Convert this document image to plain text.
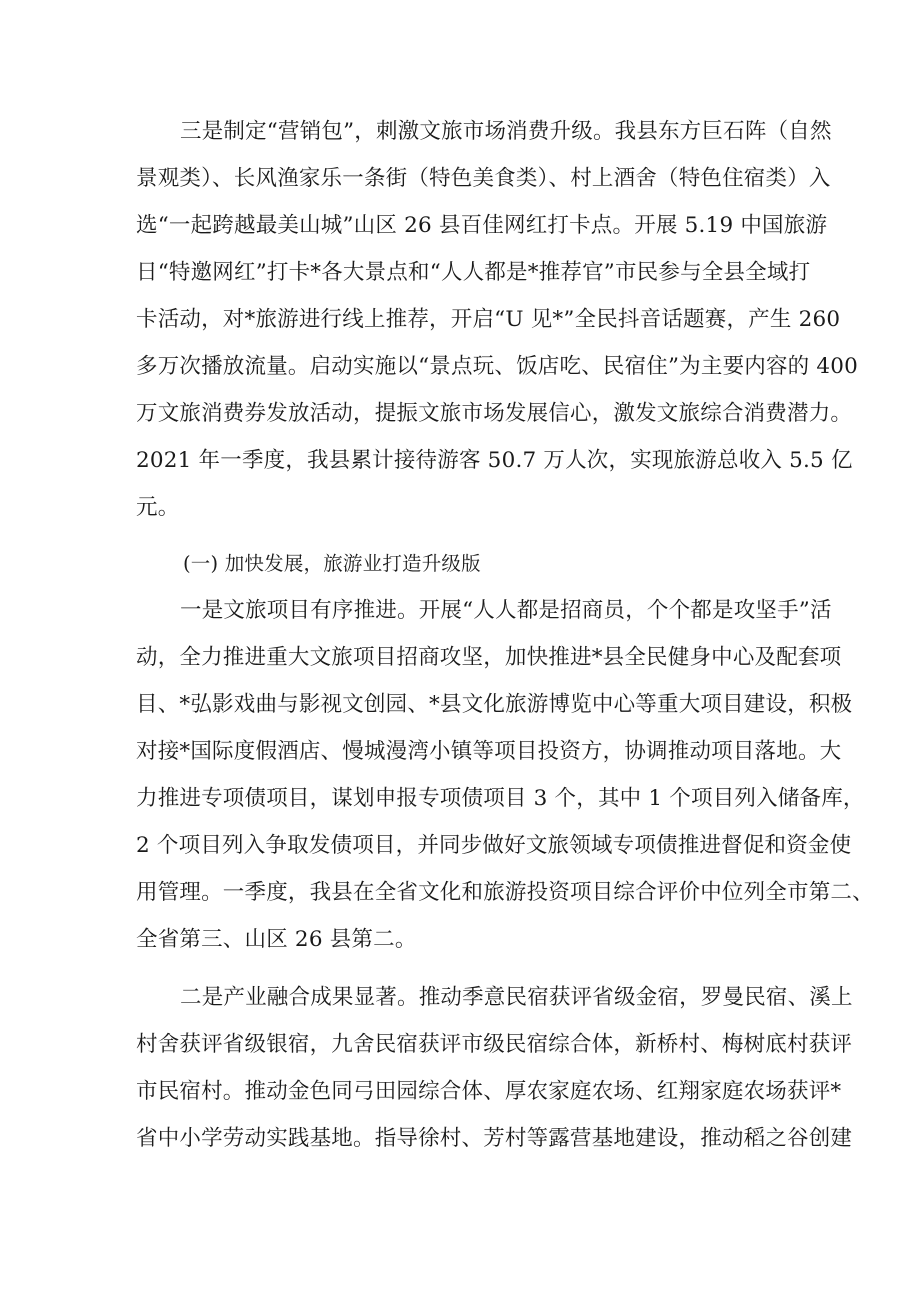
三是制定“营销包”，刺激文旅市场消费升级。我县东方巨石阵（自然
景观类）、长风渔家乐一条街（特色美食类）、村上酒舍（特色住宿类）入
选“一起跨越最美山城”山区 26 县百佳网红打卡点。开展 5.19 中国旅游
日“特邀网红”打卡*各大景点和“人人都是*推荐官”市民参与全县全域打
卡活动，对*旅游进行线上推荐，开启“U 见*”全民抖音话题赛，产生 260
多万次播放流量。启动实施以“景点玩、饭店吃、民宿住”为主要内容的 400
万文旅消费券发放活动，提振文旅市场发展信心，激发文旅综合消费潜力。
2021 年一季度，我县累计接待游客 50.7 万人次，实现旅游总收入 5.5 亿
元。
(一) 加快发展，旅游业打造升级版
一是文旅项目有序推进。开展“人人都是招商员，个个都是攻坚手”活
动，全力推进重大文旅项目招商攻坚，加快推进*县全民健身中心及配套项
目、*弘影戏曲与影视文创园、*县文化旅游博览中心等重大项目建设，积极
对接*国际度假酒店、慢城漫湾小镇等项目投资方，协调推动项目落地。大
力推进专项债项目，谋划申报专项债项目 3 个，其中 1 个项目列入储备库，
2 个项目列入争取发债项目，并同步做好文旅领域专项债推进督促和资金使
用管理。一季度，我县在全省文化和旅游投资项目综合评价中位列全市第二、
全省第三、山区 26 县第二。
二是产业融合成果显著。推动季意民宿获评省级金宿，罗曼民宿、溪上
村舍获评省级银宿，九舍民宿获评市级民宿综合体，新桥村、梅树底村获评
市民宿村。推动金色同弓田园综合体、厚农家庭农场、红翔家庭农场获评*
省中小学劳动实践基地。指导徐村、芳村等露营基地建设，推动稻之谷创建
